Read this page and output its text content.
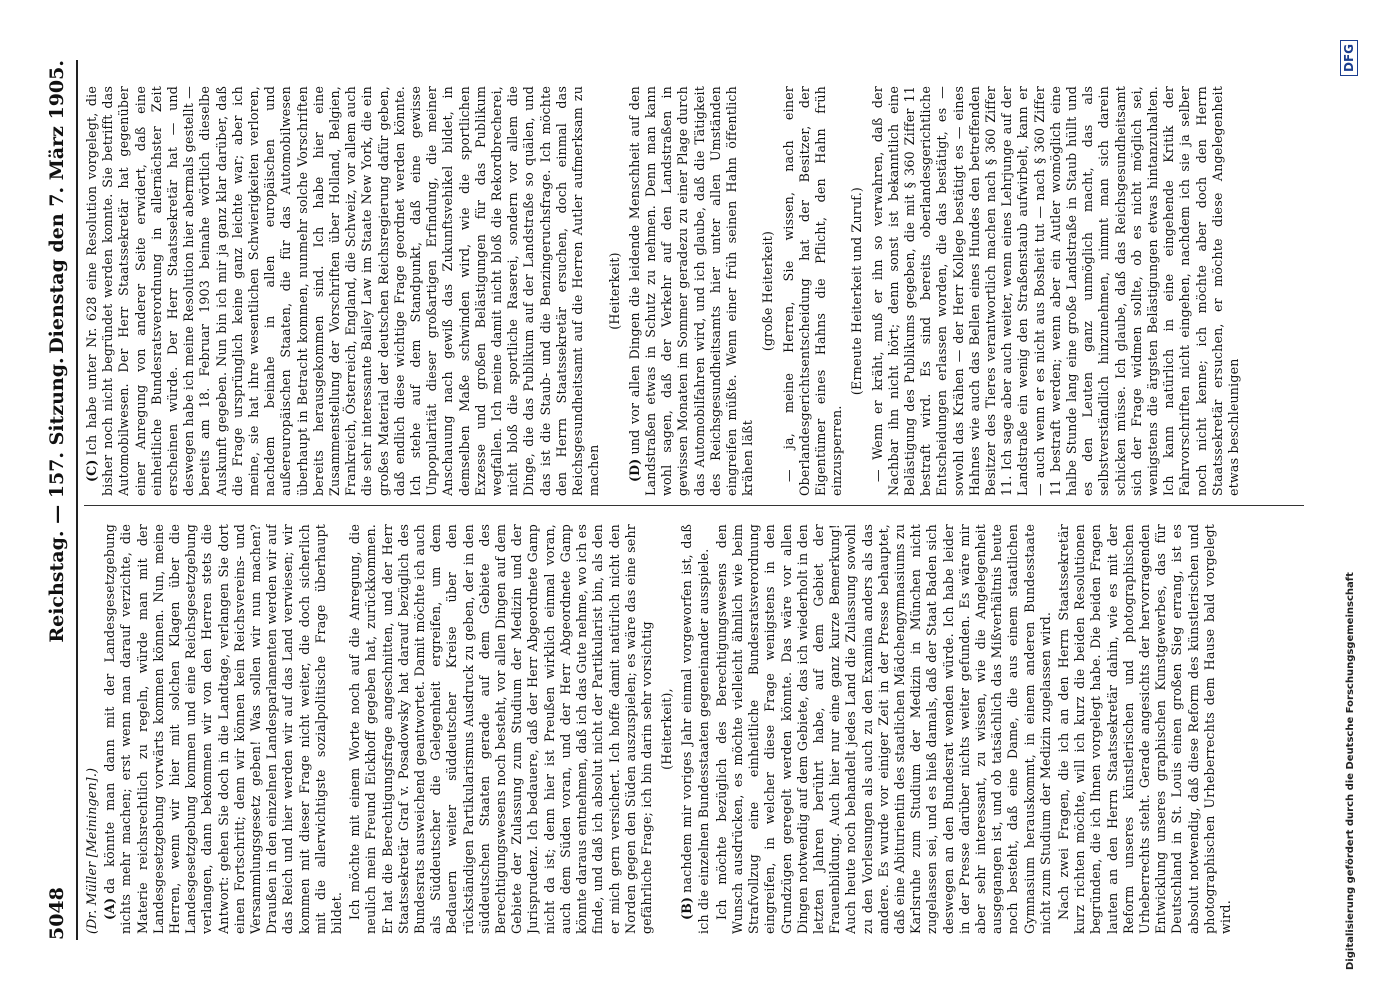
5048
Reichstag. — 157. Sitzung.
Dienstag den 7. März 1905.

(Dr. Müller [Meiningen].) (A)da könnte man dann mit der Landesgesetzgebung nichts mehr machen; erst wenn man darauf verzichte, die Materie reichsrechtlich zu regeln, würde man mit der Landesgesetzgebung vorwärts kommen können. Nun, meine Herren, wenn wir hier mit solchen Klagen über die Landesgesetzgebung kommen und eine Reichsgesetzgebung verlangen, dann bekommen wir von den Herren stets die Antwort: gehen Sie doch in die Landtage, verlangen Sie dort einen Fortschritt; denn wir können kein Reichsvereins- und Versammlungsgesetz geben! Was sollen wir nun machen? Draußen in den einzelnen Landesparlamenten werden wir auf das Reich und hier werden wir auf das Land verwiesen; wir kommen mit dieser Frage nicht weiter, die doch sicherlich mit die allerwichtigste sozialpolitische Frage überhaupt bildet. Ich möchte mit einem Worte noch auf die Anregung, die neulich mein Freund Eickhoff gegeben hat, zurückkommen. Er hat die Berechtigungsfrage angeschnitten, und der Herr Staatssekretär Graf v. Posadowsky hat darauf bezüglich des Bundesrats ausweichend geantwortet. Damit möchte ich auch als Süddeutscher die Gelegenheit ergreifen, um dem Bedauern weiter süddeutscher Kreise über den rückständigen Partikularismus Ausdruck zu geben, der in den süddeutschen Staaten gerade auf dem Gebiete des Berechtigungswesens noch besteht, vor allen Dingen auf dem Gebiete der Zulassung zum Studium der Medizin und der Jurisprudenz. Ich bedauere, daß der Herr Abgeordnete Gamp nicht da ist; denn hier ist Preußen wirklich einmal voran, auch dem Süden voran, und der Herr Abgeordnete Gamp könnte daraus entnehmen, daß ich das Gute nehme, wo ich es finde, und daß ich absolut nicht der Partikularist bin, als den er mich gern versichert. Ich hoffe damit natürlich nicht den Norden gegen den Süden auszuspielen; es wäre das eine sehr gefährliche Frage; ich bin darin sehr vorsichtig (Heiterkeit),

(B)nachdem mir voriges Jahr einmal vorgeworfen ist, daß ich die einzelnen Bundesstaaten gegeneinander ausspiele. Ich möchte bezüglich des Berechtigungswesens den Wunsch ausdrücken, es möchte vielleicht ähnlich wie beim Strafvollzug eine einheitliche Bundesratsverordnung eingreifen, in welcher diese Frage wenigstens in den Grundzügen geregelt werden könnte. Das wäre vor allen Dingen notwendig auf dem Gebiete, das ich wiederholt in den letzten Jahren berührt habe, auf dem Gebiet der Frauenbildung. Auch hier nur eine ganz kurze Bemerkung! Auch heute noch behandelt jedes Land die Zulassung sowohl zu den Vorlesungen als auch zu den Examina anders als das andere. Es wurde vor einiger Zeit in der Presse behauptet, daß eine Abiturientin des staatlichen Mädchengymnasiums zu Karlsruhe zum Studium der Medizin in München nicht zugelassen sei, und es hieß damals, daß der Staat Baden sich deswegen an den Bundesrat wenden würde. Ich habe leider in der Presse darüber nichts weiter gefunden. Es wäre mir aber sehr interessant, zu wissen, wie die Angelegenheit ausgegangen ist, und ob tatsächlich das Mißverhältnis heute noch besteht, daß eine Dame, die aus einem staatlichen Gymnasium herauskommt, in einem anderen Bundesstaate nicht zum Studium der Medizin zugelassen wird. Nach zwei Fragen, die ich an den Herrn Staatssekretär kurz richten möchte, will ich kurz die beiden Resolutionen begründen, die ich Ihnen vorgelegt habe. Die beiden Fragen lauten an den Herrn Staatssekretär dahin, wie es mit der Reform unseres künstlerischen und photographischen Urheberrechts steht. Gerade angesichts der hervorragenden Entwicklung unseres graphischen Kunstgewerbes, das für Deutschland in St. Louis einen großen Sieg errang, ist es absolut notwendig, daß diese Reform des künstlerischen und photographischen Urheberrechts dem Hause bald vorgelegt wird.

(C)Ich habe unter Nr. 628 eine Resolution vorgelegt, die bisher noch nicht begründet werden konnte. Sie betrifft das Automobilwesen. Der Herr Staatssekretär hat gegenüber einer Anregung von anderer Seite erwidert, daß eine einheitliche Bundesratsverordnung in allernächster Zeit erscheinen würde. Der Herr Staatssekretär hat — und deswegen habe ich meine Resolution hier abermals gestellt — bereits am 18. Februar 1903 beinahe wörtlich dieselbe Auskunft gegeben. Nun bin ich mir ja ganz klar darüber, daß die Frage ursprünglich keine ganz leichte war; aber ich meine, sie hat ihre wesentlichen Schwierigkeiten verloren, nachdem beinahe in allen europäischen und außereuropäischen Staaten, die für das Automobilwesen überhaupt in Betracht kommen, nunmehr solche Vorschriften bereits herausgekommen sind. Ich habe hier eine Zusammenstellung der Vorschriften über Holland, Belgien, Frankreich, Österreich, England, die Schweiz, vor allem auch die sehr interessante Bailey Law im Staate New York, die ein großes Material der deutschen Reichsregierung dafür geben, daß endlich diese wichtige Frage geordnet werden könnte. Ich stehe auf dem Standpunkt, daß eine gewisse Unpopularität dieser großartigen Erfindung, die meiner Anschauung nach gewiß das Zukunftsvehikel bildet, in demselben Maße schwinden wird, wie die sportlichen Exzesse und großen Belästigungen für das Publikum wegfallen. Ich meine damit nicht bloß die Rekordbrecherei, nicht bloß die sportliche Raserei, sondern vor allem die Dinge, die das Publikum auf der Landstraße so quälen, und das ist die Staub- und die Benzingeruchsfrage. Ich möchte den Herrn Staatssekretär ersuchen, doch einmal das Reichsgesundheitsamt auf die Herren Autler aufmerksam zu machen

(Heiterkeit)

(D)und vor allen Dingen die leidende Menschheit auf den Landstraßen etwas in Schutz zu nehmen. Denn man kann wohl sagen, daß der Verkehr auf den Landstraßen in gewissen Monaten im Sommer geradezu zu einer Plage durch das Automobilfahren wird, und ich glaube, daß die Tätigkeit des Reichsgesundheitsamts hier unter allen Umständen eingreifen müßte. Wenn einer früh seinen Hahn öffentlich krähen läßt

(große Heiterkeit) — ja, meine Herren, Sie wissen, nach einer Oberlandesgerichtsentscheidung hat der Besitzer, der Eigentümer eines Hahns die Pflicht, den Hahn früh einzusperren.

(Erneute Heiterkeit und Zuruf.) — Wenn er kräht, muß er ihn so verwahren, daß der Nachbar ihn nicht hört; denn sonst ist bekanntlich eine Belästigung des Publikums gegeben, die mit § 360 Ziffer 11 bestraft wird. Es sind bereits oberlandesgerichtliche Entscheidungen erlassen worden, die das bestätigt, es — sowohl das Krähen — der Herr Kollege bestätigt es — eines Hahnes wie auch das Bellen eines Hundes den betreffenden Besitzer des Tieres verantwortlich machen nach § 360 Ziffer 11. Ich sage aber auch weiter, wenn eines Lehrjunge auf der Landstraße ein wenig den Straßenstaub aufwirbelt, kann er — auch wenn er es nicht aus Bosheit tut — nach § 360 Ziffer 11 bestraft werden; wenn aber ein Autler womöglich eine halbe Stunde lang eine große Landstraße in Staub hüllt und es den Leuten ganz unmöglich macht, das als selbstverständlich hinzunehmen, nimmt man sich darein schicken müsse. Ich glaube, daß das Reichsgesundheitsamt sich der Frage widmen sollte, ob es nicht möglich sei, wenigstens die ärgsten Belästigungen etwas hintanzuhalten. Ich kann natürlich in eine eingehende Kritik der Fahrvorschriften nicht eingehen, nachdem ich sie ja selber noch nicht kenne; ich möchte aber doch den Herrn Staatssekretär ersuchen, er möchte diese Angelegenheit etwas beschleunigen

Digitalisierung gefördert durch die Deutsche Forschungsgemeinschaft
DFG
